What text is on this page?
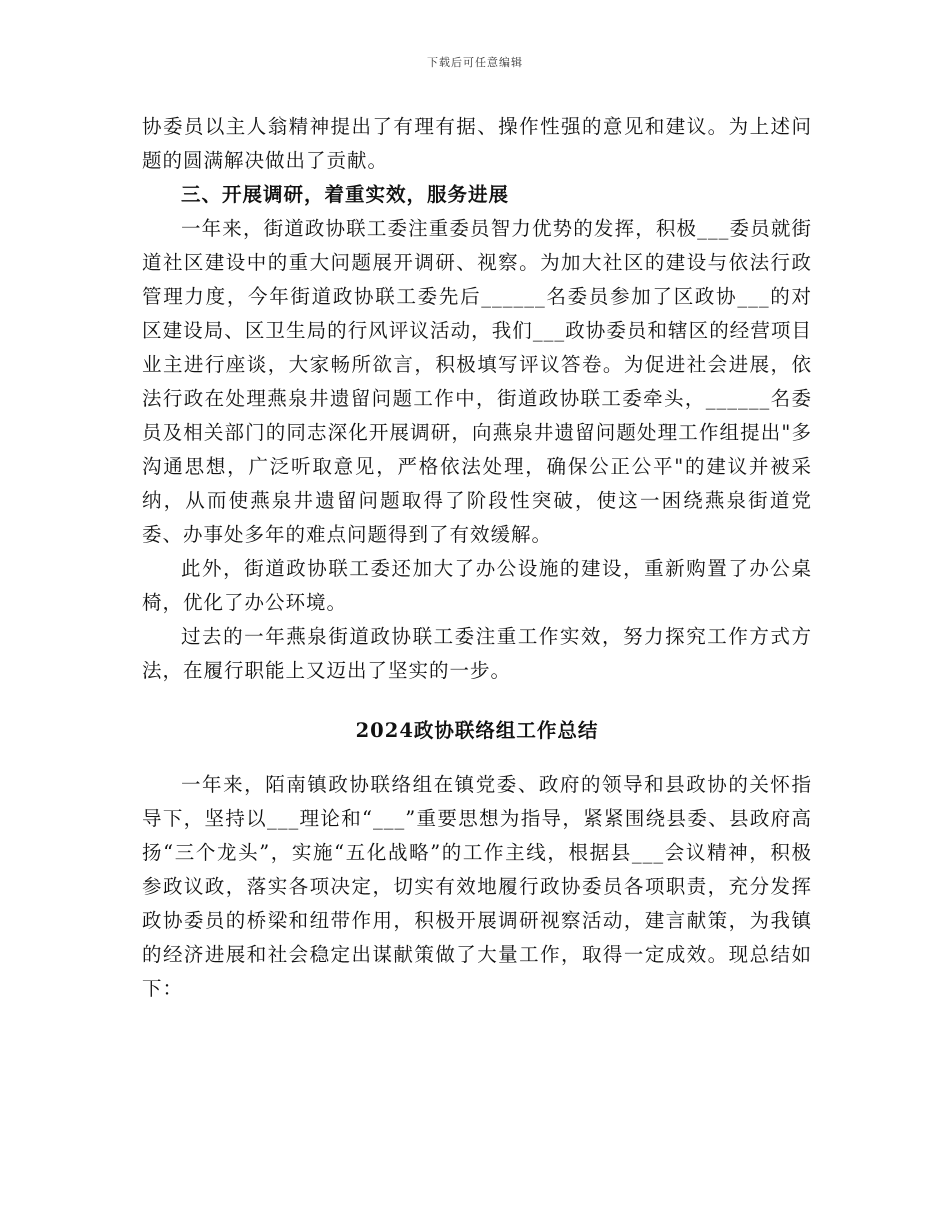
下载后可任意编辑

协委员以主人翁精神提出了有理有据、操作性强的意见和建议。为上述问题的圆满解决做出了贡献。

三、开展调研，着重实效，服务进展

一年来，街道政协联工委注重委员智力优势的发挥，积极___委员就街道社区建设中的重大问题展开调研、视察。为加大社区的建设与依法行政管理力度，今年街道政协联工委先后______名委员参加了区政协___的对区建设局、区卫生局的行风评议活动，我们___政协委员和辖区的经营项目业主进行座谈，大家畅所欲言，积极填写评议答卷。为促进社会进展，依法行政在处理燕泉井遗留问题工作中，街道政协联工委牵头，______名委员及相关部门的同志深化开展调研，向燕泉井遗留问题处理工作组提出"多沟通思想，广泛听取意见，严格依法处理，确保公正公平"的建议并被采纳，从而使燕泉井遗留问题取得了阶段性突破，使这一困绕燕泉街道党委、办事处多年的难点问题得到了有效缓解。

此外，街道政协联工委还加大了办公设施的建设，重新购置了办公桌椅，优化了办公环境。

过去的一年燕泉街道政协联工委注重工作实效，努力探究工作方式方法，在履行职能上又迈出了坚实的一步。

2024政协联络组工作总结

一年来，陌南镇政协联络组在镇党委、政府的领导和县政协的关怀指导下，坚持以___理论和“___”重要思想为指导，紧紧围绕县委、县政府高扬“三个龙头”，实施“五化战略”的工作主线，根据县___会议精神，积极参政议政，落实各项决定，切实有效地履行政协委员各项职责，充分发挥政协委员的桥梁和纽带作用，积极开展调研视察活动，建言献策，为我镇的经济进展和社会稳定出谋献策做了大量工作，取得一定成效。现总结如下：
